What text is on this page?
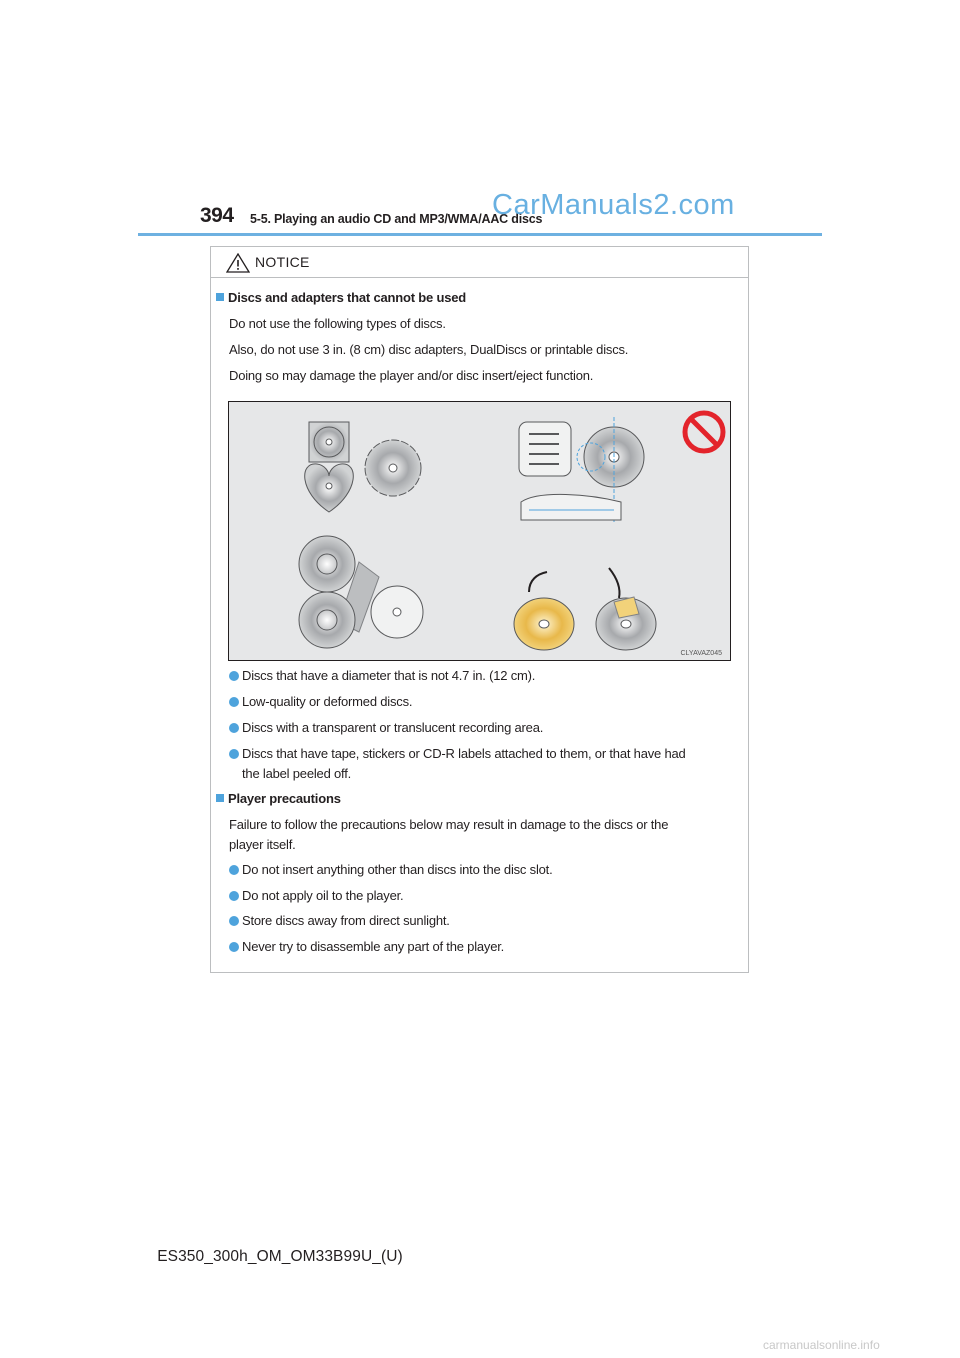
394 5-5. Playing an audio CD and MP3/WMA/AAC discs
CarManuals2.com
NOTICE
Discs and adapters that cannot be used
Do not use the following types of discs.
Also, do not use 3 in. (8 cm) disc adapters, DualDiscs or printable discs.
Doing so may damage the player and/or disc insert/eject function.
CLYAVAZ045
Discs that have a diameter that is not 4.7 in. (12 cm).
Low-quality or deformed discs.
Discs with a transparent or translucent recording area.
Discs that have tape, stickers or CD-R labels attached to them, or that have had
the label peeled off.
Player precautions
Failure to follow the precautions below may result in damage to the discs or the
player itself.
Do not insert anything other than discs into the disc slot.
Do not apply oil to the player.
Store discs away from direct sunlight.
Never try to disassemble any part of the player.
ES350_300h_OM_OM33B99U_(U)
carmanualsonline.info
